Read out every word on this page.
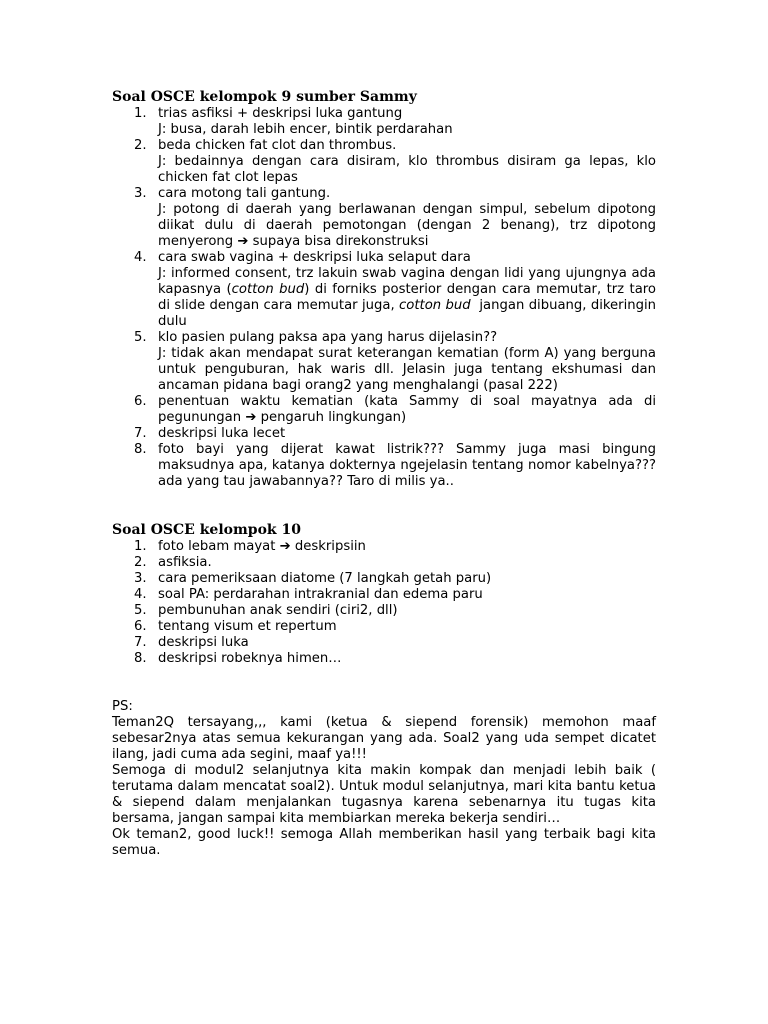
Soal OSCE kelompok 9 sumber Sammy
1. trias asfiksi + deskripsi luka gantung
J: busa, darah lebih encer, bintik perdarahan
2. beda chicken fat clot dan thrombus.
J: bedainnya dengan cara disiram, klo thrombus disiram ga lepas, klo chicken fat clot lepas
3. cara motong tali gantung.
J: potong di daerah yang berlawanan dengan simpul, sebelum dipotong diikat dulu di daerah pemotongan (dengan 2 benang), trz dipotong menyerong ➔ supaya bisa direkonstruksi
4. cara swab vagina + deskripsi luka selaput dara
J: informed consent, trz lakuin swab vagina dengan lidi yang ujungnya ada kapasnya (cotton bud) di forniks posterior dengan cara memutar, trz taro di slide dengan cara memutar juga, cotton bud jangan dibuang, dikeringin dulu
5. klo pasien pulang paksa apa yang harus dijelasin??
J: tidak akan mendapat surat keterangan kematian (form A) yang berguna untuk penguburan, hak waris dll. Jelasin juga tentang ekshumasi dan ancaman pidana bagi orang2 yang menghalangi (pasal 222)
6. penentuan waktu kematian (kata Sammy di soal mayatnya ada di pegunungan ➔ pengaruh lingkungan)
7. deskripsi luka lecet
8. foto bayi yang dijerat kawat listrik??? Sammy juga masi bingung maksudnya apa, katanya dokternya ngejelasin tentang nomor kabelnya???ada yang tau jawabannya?? Taro di milis ya..
Soal OSCE kelompok 10
1. foto lebam mayat ➔ deskripsiin
2. asfiksia.
3. cara pemeriksaan diatome (7 langkah getah paru)
4. soal PA: perdarahan intrakranial dan edema paru
5. pembunuhan anak sendiri (ciri2, dll)
6. tentang visum et repertum
7. deskripsi luka
8. deskripsi robeknya himen…
PS:
Teman2Q tersayang,,, kami (ketua & siepend forensik) memohon maaf sebesar2nya atas semua kekurangan yang ada. Soal2 yang uda sempet dicatet ilang, jadi cuma ada segini, maaf ya!!!
Semoga di modul2 selanjutnya kita makin kompak dan menjadi lebih baik ( terutama dalam mencatat soal2). Untuk modul selanjutnya, mari kita bantu ketua & siepend dalam menjalankan tugasnya karena sebenarnya itu tugas kita bersama, jangan sampai kita membiarkan mereka bekerja sendiri…
Ok teman2, good luck!! semoga Allah memberikan hasil yang terbaik bagi kita semua.
